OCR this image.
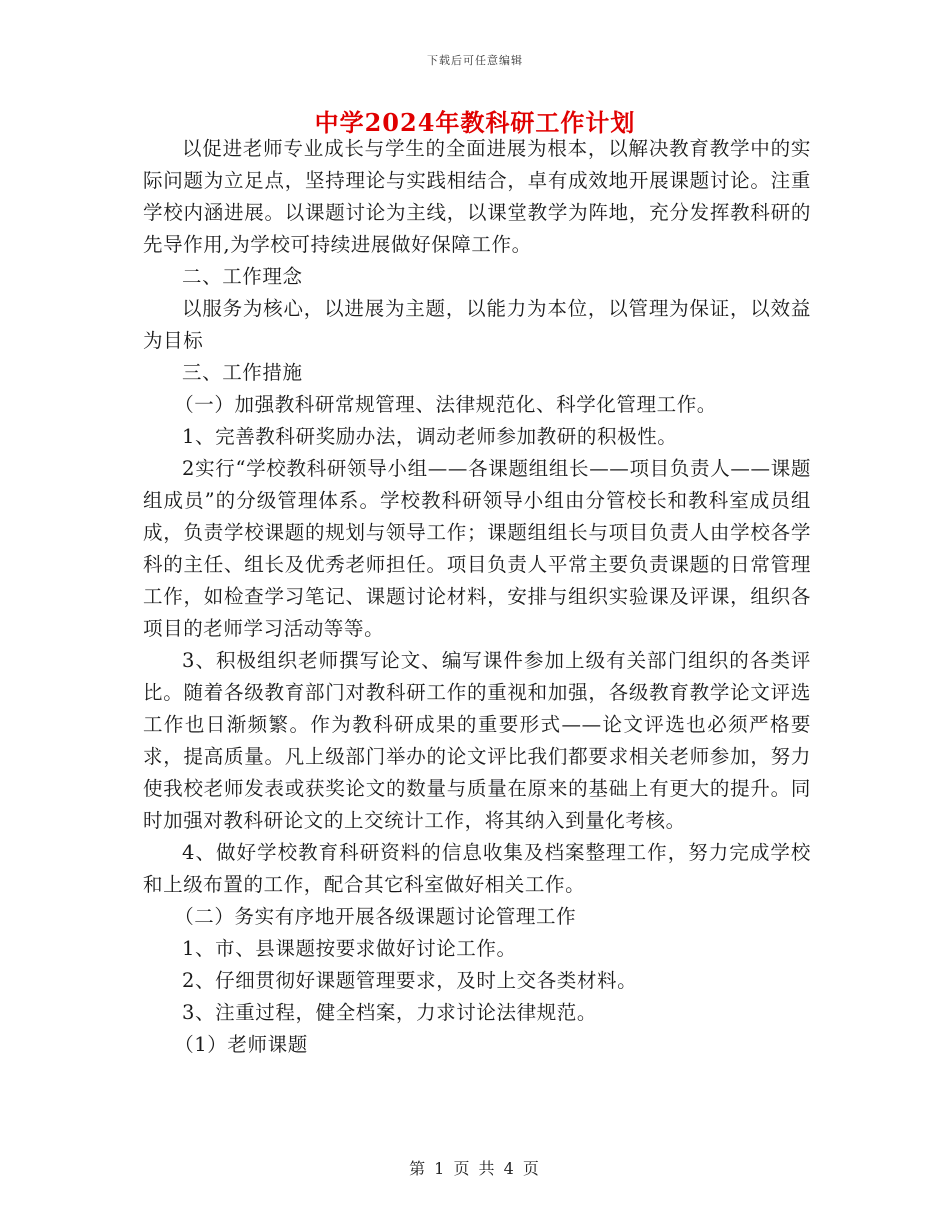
下载后可任意编辑
中学2024年教科研工作计划

以促进老师专业成长与学生的全面进展为根本，以解决教育教学中的实际问题为立足点，坚持理论与实践相结合，卓有成效地开展课题讨论。注重学校内涵进展。以课题讨论为主线，以课堂教学为阵地，充分发挥教科研的先导作用,为学校可持续进展做好保障工作。

二、工作理念

以服务为核心，以进展为主题，以能力为本位，以管理为保证，以效益为目标

三、工作措施

（一）加强教科研常规管理、法律规范化、科学化管理工作。

1、完善教科研奖励办法，调动老师参加教研的积极性。

2实行“学校教科研领导小组——各课题组组长——项目负责人——课题组成员”的分级管理体系。学校教科研领导小组由分管校长和教科室成员组成，负责学校课题的规划与领导工作；课题组组长与项目负责人由学校各学科的主任、组长及优秀老师担任。项目负责人平常主要负责课题的日常管理工作，如检查学习笔记、课题讨论材料，安排与组织实验课及评课，组织各项目的老师学习活动等等。

3、积极组织老师撰写论文、编写课件参加上级有关部门组织的各类评比。随着各级教育部门对教科研工作的重视和加强，各级教育教学论文评选工作也日渐频繁。作为教科研成果的重要形式——论文评选也必须严格要求，提高质量。凡上级部门举办的论文评比我们都要求相关老师参加，努力使我校老师发表或获奖论文的数量与质量在原来的基础上有更大的提升。同时加强对教科研论文的上交统计工作，将其纳入到量化考核。

4、做好学校教育科研资料的信息收集及档案整理工作，努力完成学校和上级布置的工作，配合其它科室做好相关工作。

（二）务实有序地开展各级课题讨论管理工作

1、市、县课题按要求做好讨论工作。

2、仔细贯彻好课题管理要求，及时上交各类材料。

3、注重过程，健全档案，力求讨论法律规范。

（1）老师课题

第 1 页 共 4 页
